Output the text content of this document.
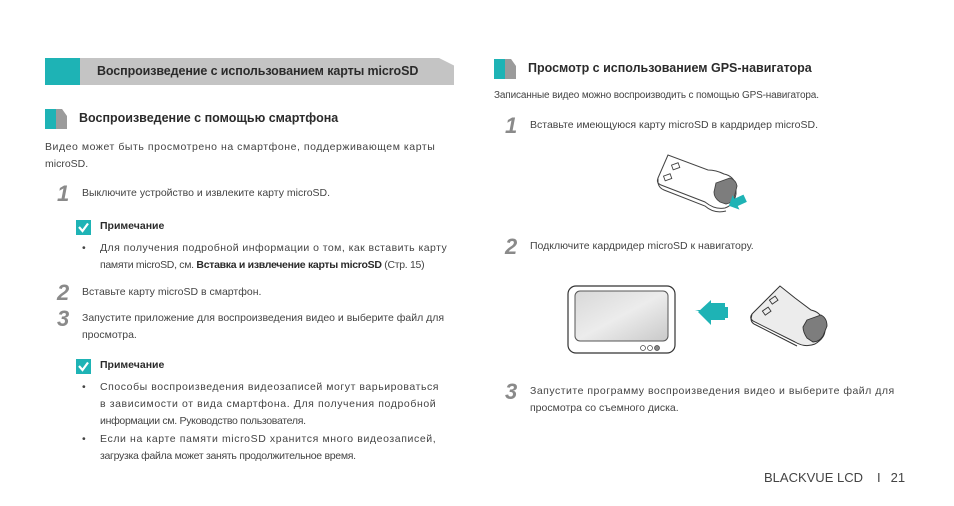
Воспроизведение с использованием карты microSD
Воспроизведение с помощью смартфона
Видео может быть просмотрено на смартфоне, поддерживающем карты
microSD.
1 Выключите устройство и извлеките карту microSD.
Примечание
• Для получения подробной информации о том, как вставить карту
памяти microSD, см. Вставка и извлечение карты microSD (Стр. 15)
2 Вставьте карту microSD в смартфон.
3 Запустите приложение для воспроизведения видео и выберите файл для
просмотра.
Примечание
• Способы воспроизведения видеозаписей могут варьироваться
в зависимости от вида смартфона. Для получения подробной
информации см. Руководство пользователя.
• Если на карте памяти microSD хранится много видеозаписей,
загрузка файла может занять продолжительное время.
Просмотр с использованием GPS-навигатора
Записанные видео можно воспроизводить с помощью GPS-навигатора.
1 Вставьте имеющуюся карту microSD в кардридер microSD.
2 Подключите кардридер microSD к навигатору.
3 Запустите программу воспроизведения видео и выберите файл для
просмотра со съемного диска.
BLACKVUE LCD I 21
